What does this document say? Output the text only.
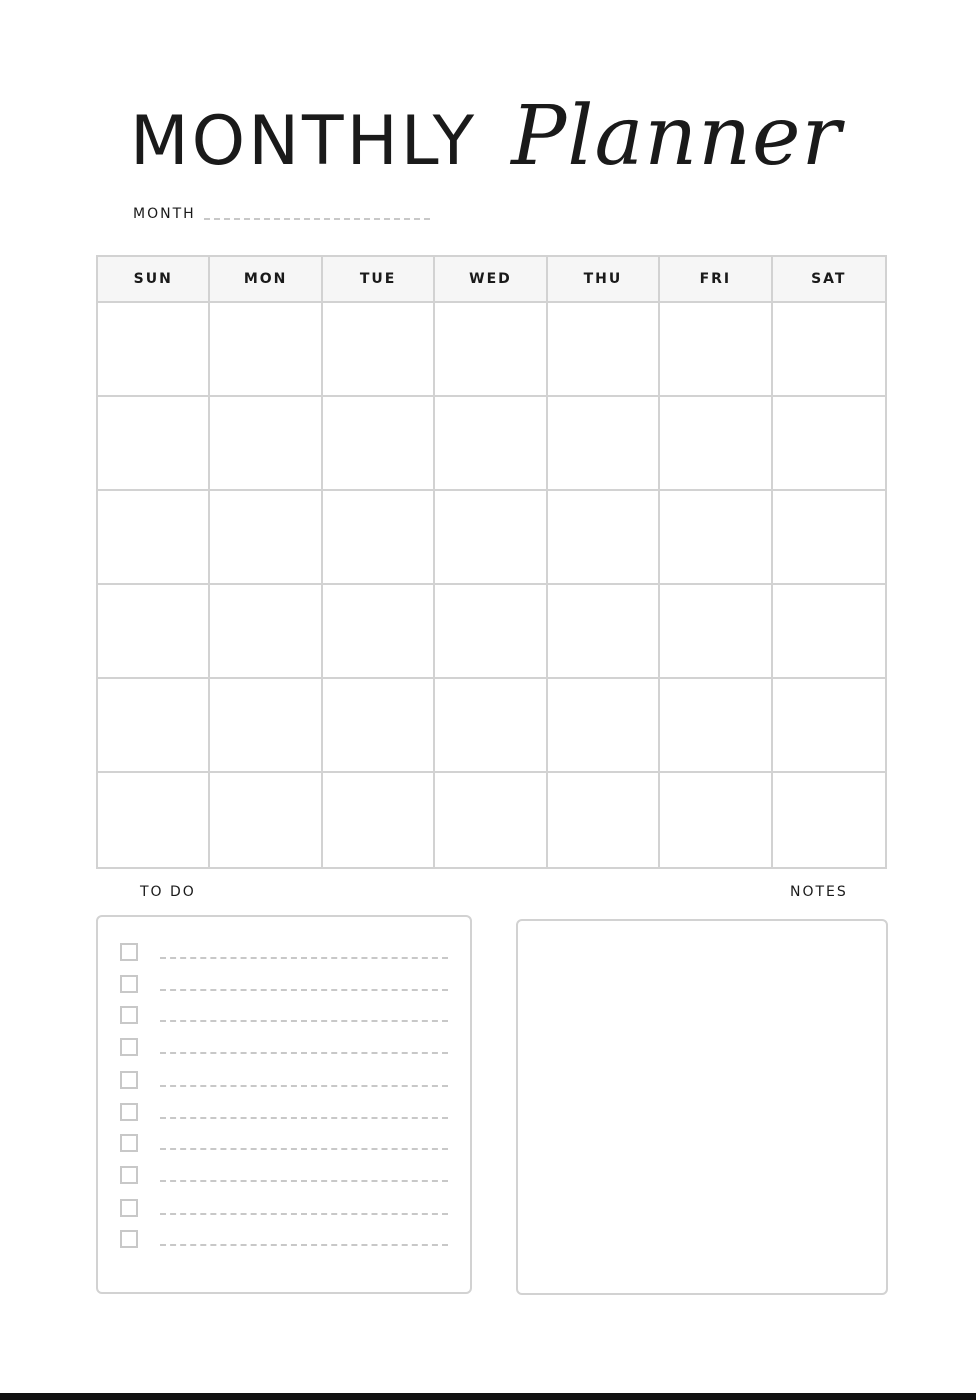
MONTHLY Planner
MONTH
SUN	MON	TUE	WED	THU	FRI	SAT
TO DO	NOTES
